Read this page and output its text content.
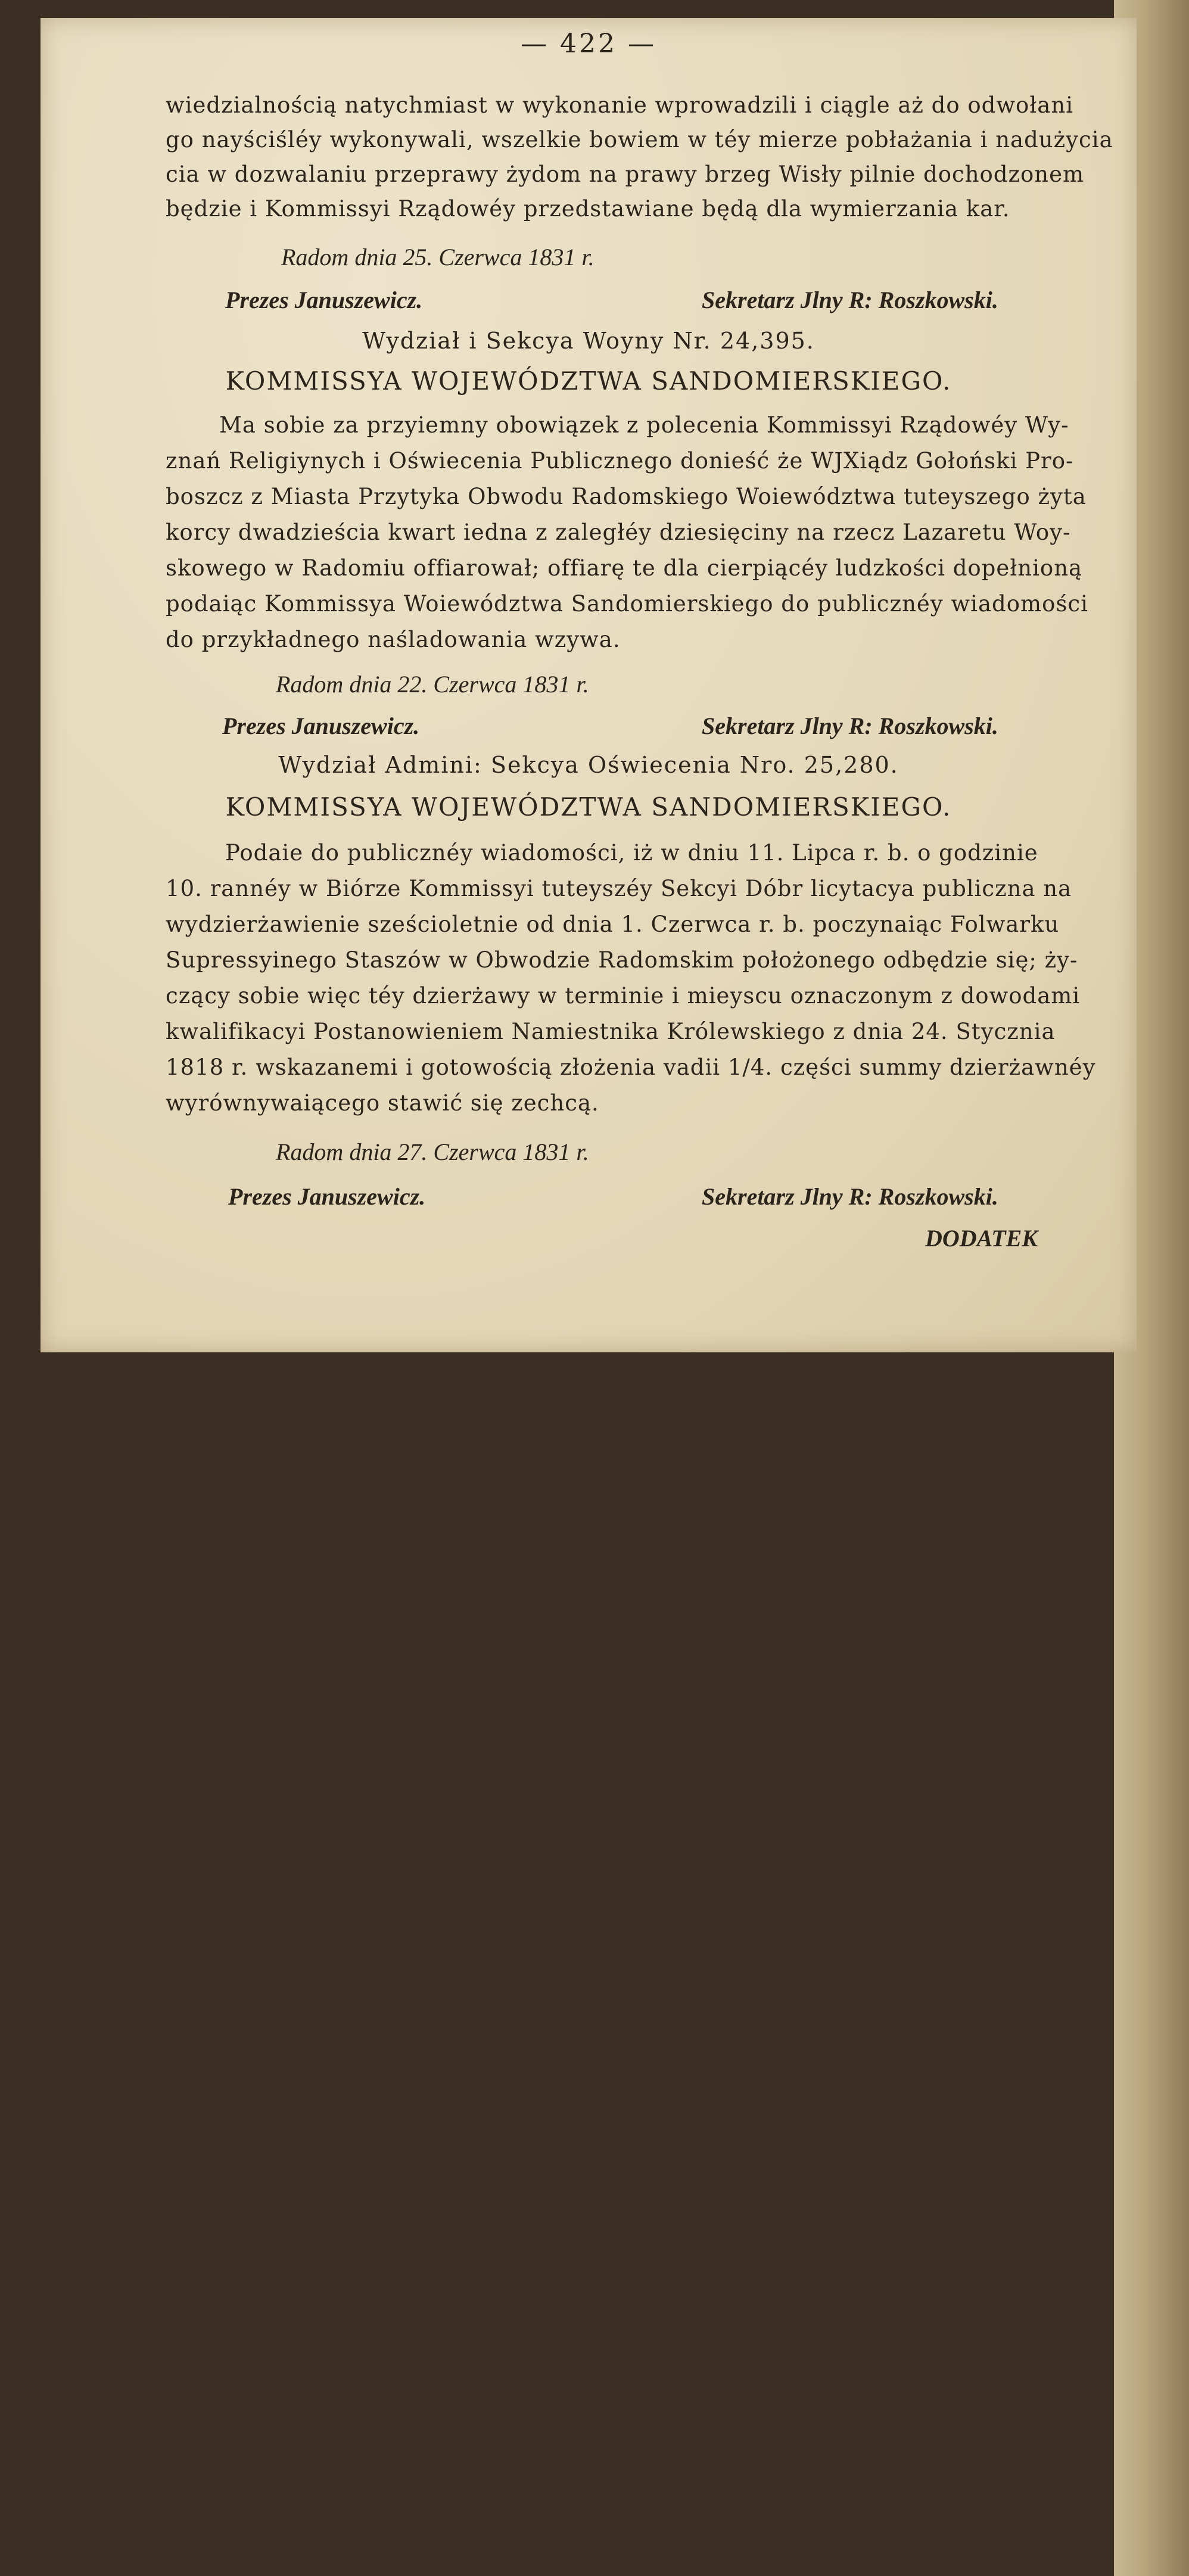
— 422 —
wiedzialnością natychmiast w wykonanie wprowadzili i ciągle aż do odwołani
go nayściśléy wykonywali, wszelkie bowiem w téy mierze pobłażania i nadużycia
cia w dozwalaniu przeprawy żydom na prawy brzeg Wisły pilnie dochodzonem
będzie i Kommissyi Rządowéy przedstawiane będą dla wymierzania kar.
Radom dnia 25. Czerwca 1831 r.
Prezes Januszewicz.	Sekretarz Jlny R: Roszkowski.
Wydział i Sekcya Woyny Nr. 24,395.
KOMMISSYA WOJEWÓDZTWA SANDOMIERSKIEGO.
Ma sobie za przyiemny obowiązek z polecenia Kommissyi Rządowéy Wy-
znań Religiynych i Oświecenia Publicznego donieść że WJXiądz Gołoński Pro-
boszcz z Miasta Przytyka Obwodu Radomskiego Woiewództwa tuteyszego żyta
korcy dwadzieścia kwart iedna z zaległéy dziesięciny na rzecz Lazaretu Woy-
skowego w Radomiu offiarował; offiarę te dla cierpiącéy ludzkości dopełnioną
podaiąc Kommissya Woiewództwa Sandomierskiego do publicznéy wiadomości
do przykładnego naśladowania wzywa.
Radom dnia 22. Czerwca 1831 r.
Prezes Januszewicz.	Sekretarz Jlny R: Roszkowski.
Wydział Admini: Sekcya Oświecenia Nro. 25,280.
KOMMISSYA WOJEWÓDZTWA SANDOMIERSKIEGO.
Podaie do publicznéy wiadomości, iż w dniu 11. Lipca r. b. o godzinie
10. rannéy w Biórze Kommissyi tuteyszéy Sekcyi Dóbr licytacya publiczna na
wydzierżawienie sześcioletnie od dnia 1. Czerwca r. b. poczynaiąc Folwarku
Supressyinego Staszów w Obwodzie Radomskim położonego odbędzie się; ży-
czący sobie więc téy dzierżawy w terminie i mieyscu oznaczonym z dowodami
kwalifikacyi Postanowieniem Namiestnika Królewskiego z dnia 24. Stycznia
1818 r. wskazanemi i gotowością złożenia vadii 1/4. części summy dzierżawnéy
wyrównywaiącego stawić się zechcą.
Radom dnia 27. Czerwca 1831 r.
Prezes Januszewicz.	Sekretarz Jlny R: Roszkowski.
DODATEK
